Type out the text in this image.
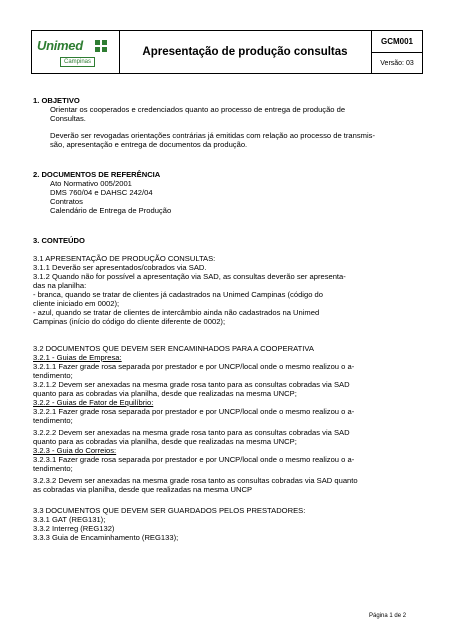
Unimed
Campinas
Apresentação de produção consultas
GCM001
Versão: 03
1. OBJETIVO
Orientar os cooperados e credenciados quanto ao processo de entrega de produção de
Consultas.
Deverão ser revogadas orientações contrárias já emitidas com relação ao processo de transmis-
são, apresentação e entrega de documentos da produção.
2. DOCUMENTOS DE REFERÊNCIA
Ato Normativo 005/2001
DMS 760/04 e DAHSC 242/04
Contratos
Calendário de Entrega de Produção
3. CONTEÚDO
3.1 APRESENTAÇÃO DE PRODUÇÃO CONSULTAS:
3.1.1 Deverão ser apresentados/cobrados via SAD.
3.1.2 Quando não for possível a apresentação via SAD, as consultas deverão ser apresenta-
das na planilha:
- branca, quando se tratar de clientes já cadastrados na Unimed Campinas (código do
cliente iniciado em 0002);
- azul, quando se tratar de clientes de intercâmbio ainda não cadastrados na Unimed
Campinas (início do código do cliente diferente de 0002);
3.2 DOCUMENTOS QUE DEVEM SER ENCAMINHADOS PARA A COOPERATIVA
3.2.1 - Guias de Empresa:
3.2.1.1 Fazer grade rosa separada por prestador e por UNCP/local onde o mesmo realizou o a-
tendimento;
3.2.1.2 Devem ser anexadas na mesma grade rosa tanto para as consultas cobradas via SAD
quanto para as cobradas via planilha, desde que realizadas na mesma UNCP;
3.2.2 - Guias de Fator de Equilíbrio:
3.2.2.1 Fazer grade rosa separada por prestador e por UNCP/local onde o mesmo realizou o a-
tendimento;
3.2.2.2 Devem ser anexadas na mesma grade rosa tanto para as consultas cobradas via SAD
quanto para as cobradas via planilha, desde que realizadas na mesma UNCP;
3.2.3 - Guia do Correios:
3.2.3.1 Fazer grade rosa separada por prestador e por UNCP/local onde o mesmo realizou o a-
tendimento;
3.2.3.2 Devem ser anexadas na mesma grade rosa tanto as consultas cobradas via SAD quanto
as cobradas via planilha, desde que realizadas na mesma UNCP
3.3 DOCUMENTOS QUE DEVEM SER GUARDADOS PELOS PRESTADORES:
3.3.1 GAT (REG131);
3.3.2 Interreg (REG132)
3.3.3 Guia de Encaminhamento (REG133);
Página 1 de 2
